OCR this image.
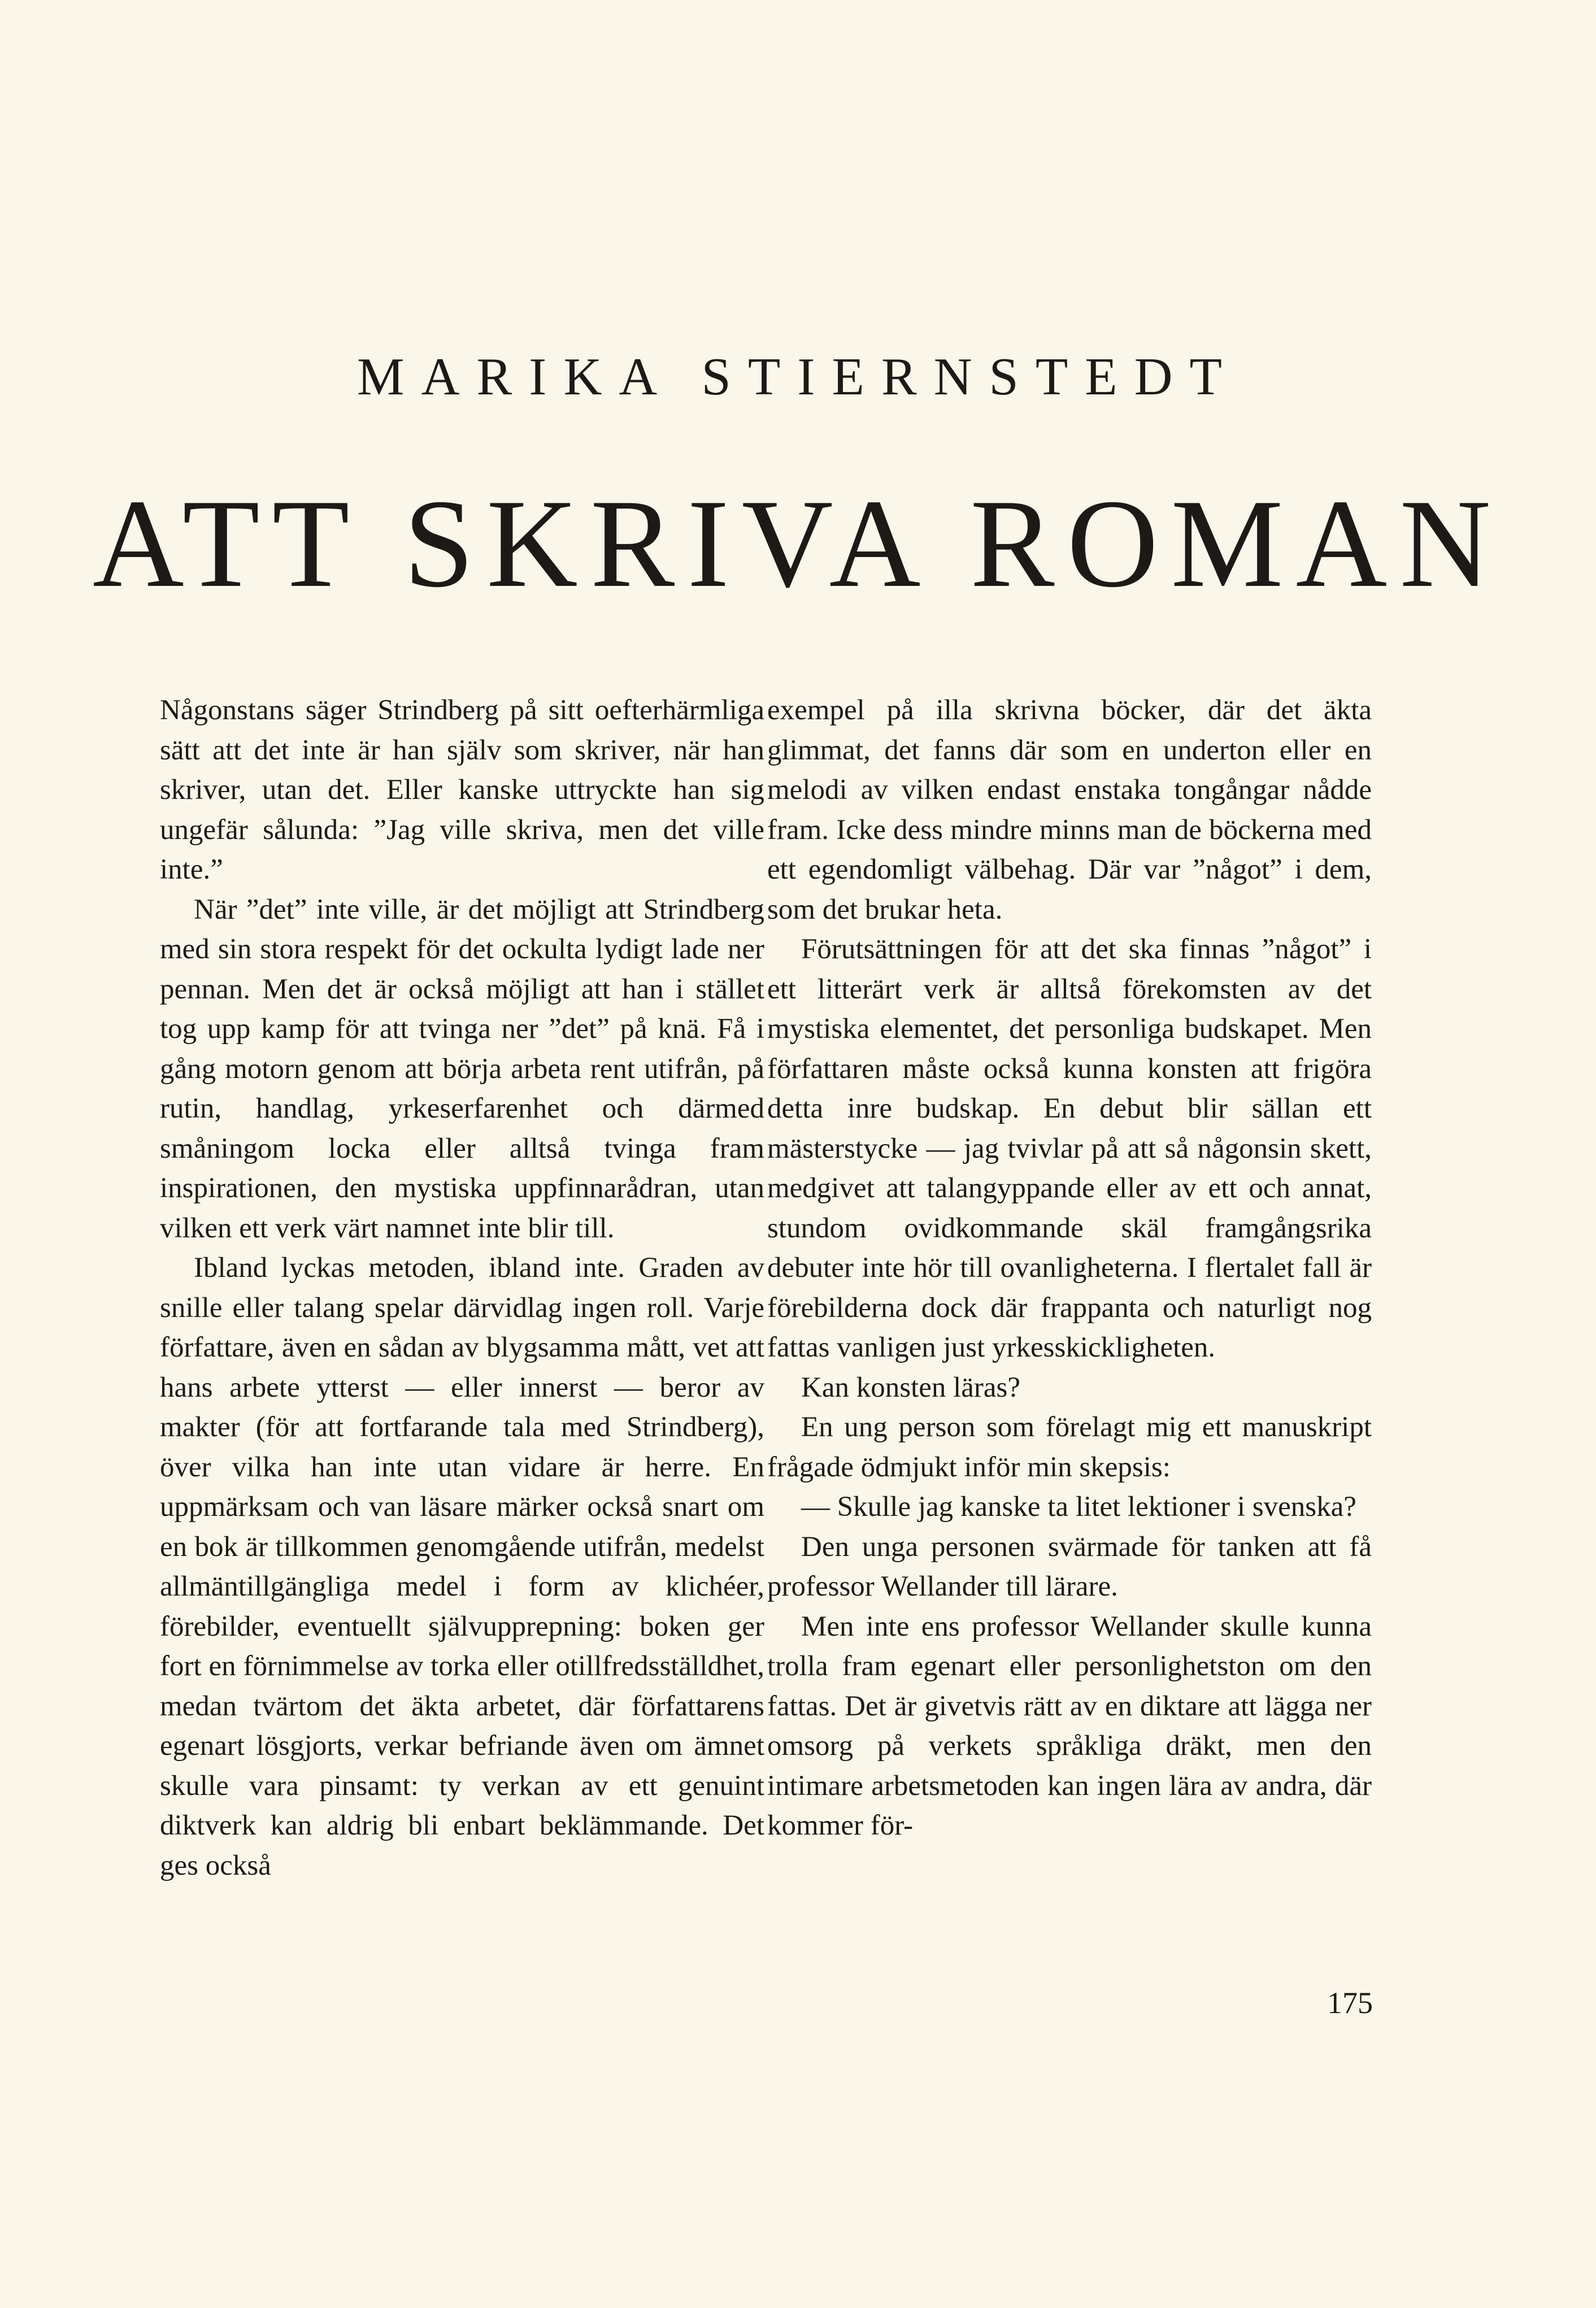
MARIKA STIERNSTEDT
ATT SKRIVA ROMAN

Någonstans säger Strindberg på sitt oefterhärmliga sätt att det inte är han själv som skriver, när han skriver, utan det. Eller kanske uttryckte han sig ungefär sålunda: ”Jag ville skriva, men det ville inte.”

När ”det” inte ville, är det möjligt att Strindberg med sin stora respekt för det ockulta lydigt lade ner pennan. Men det är också möjligt att han i stället tog upp kamp för att tvinga ner ”det” på knä. Få i gång motorn genom att börja arbeta rent utifrån, på rutin, handlag, yrkeserfarenhet och därmed småningom locka eller alltså tvinga fram inspirationen, den mystiska uppfinnarådran, utan vilken ett verk värt namnet inte blir till.

Ibland lyckas metoden, ibland inte. Graden av snille eller talang spelar därvidlag ingen roll. Varje författare, även en sådan av blygsamma mått, vet att hans arbete ytterst — eller innerst — beror av makter (för att fortfarande tala med Strindberg), över vilka han inte utan vidare är herre. En uppmärksam och van läsare märker också snart om en bok är tillkommen genomgående utifrån, medelst allmäntillgängliga medel i form av klichéer, förebilder, eventuellt självupprepning: boken ger fort en förnimmelse av torka eller otillfredsställdhet, medan tvärtom det äkta arbetet, där författarens egenart lösgjorts, verkar befriande även om ämnet skulle vara pinsamt: ty verkan av ett genuint diktverk kan aldrig bli enbart beklämmande. Det ges också

exempel på illa skrivna böcker, där det äkta glimmat, det fanns där som en underton eller en melodi av vilken endast enstaka tongångar nådde fram. Icke dess mindre minns man de böckerna med ett egendomligt välbehag. Där var ”något” i dem, som det brukar heta.

Förutsättningen för att det ska finnas ”något” i ett litterärt verk är alltså förekomsten av det mystiska elementet, det personliga budskapet. Men författaren måste också kunna konsten att frigöra detta inre budskap. En debut blir sällan ett mästerstycke — jag tvivlar på att så någonsin skett, medgivet att talangyppande eller av ett och annat, stundom ovidkommande skäl framgångsrika debuter inte hör till ovanligheterna. I flertalet fall är förebilderna dock där frappanta och naturligt nog fattas vanligen just yrkesskickligheten.

Kan konsten läras?

En ung person som förelagt mig ett manuskript frågade ödmjukt inför min skepsis:

— Skulle jag kanske ta litet lektioner i svenska?

Den unga personen svärmade för tanken att få professor Wellander till lärare.

Men inte ens professor Wellander skulle kunna trolla fram egenart eller personlighetston om den fattas. Det är givetvis rätt av en diktare att lägga ner omsorg på verkets språkliga dräkt, men den intimare arbetsmetoden kan ingen lära av andra, där kommer för-

175
